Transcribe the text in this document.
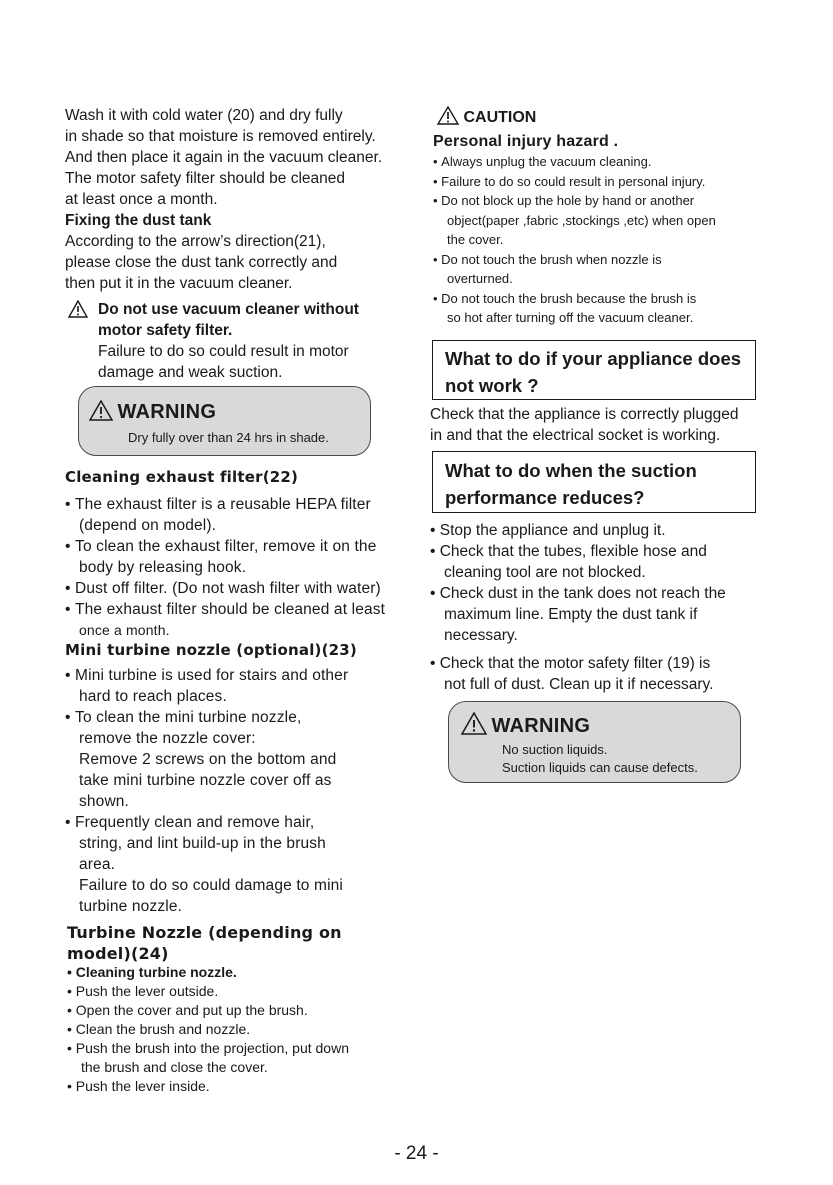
Wash it with cold water (20) and dry fully
in shade so that moisture is removed entirely.
And then place it again in the vacuum cleaner.
The motor safety filter should be cleaned
at least once a month.
Fixing the dust tank
According to the arrow’s direction(21),
please close the dust tank correctly and
then put it in the vacuum cleaner.
Do not use vacuum cleaner without
motor safety filter.
Failure to do so could result in motor
damage and weak suction.
WARNING
Dry fully over than 24 hrs in shade.
Cleaning exhaust filter(22)
• The exhaust filter is a reusable HEPA filter
(depend on model).
• To clean the exhaust filter, remove it on the
body by releasing hook.
• Dust off filter. (Do not wash filter with water)
• The exhaust filter should be cleaned at least
once a month.
Mini turbine nozzle (optional)(23)
• Mini turbine is used for stairs and other
hard to reach places.
• To clean the mini turbine nozzle,
remove the nozzle cover:
Remove 2 screws on the bottom and
take mini turbine nozzle cover off as
shown.
• Frequently clean and remove hair,
string, and lint build-up in the brush
area.
Failure to do so could damage to mini
turbine nozzle.
Turbine Nozzle (depending on
model)(24)
• Cleaning turbine nozzle.
• Push the lever outside.
• Open the cover and put up the brush.
• Clean the brush and nozzle.
• Push the brush into the projection, put down
the brush and close the cover.
• Push the lever inside.
CAUTION
Personal injury hazard .
• Always unplug the vacuum cleaning.
• Failure to do so could result in personal injury.
• Do not block up the hole by hand or another
object(paper ,fabric ,stockings ,etc) when open
the cover.
• Do not touch the brush when nozzle is
overturned.
• Do not touch the brush because the brush is
so hot after turning off the vacuum cleaner.
What to do if your appliance does
not work ?
Check that the appliance is correctly plugged
in and that the electrical socket is working.
What to do when the suction
performance reduces?
• Stop the appliance and unplug it.
• Check that the tubes, flexible hose and
cleaning tool are not blocked.
• Check dust in the tank does not reach the
maximum line. Empty the dust tank if
necessary.
• Check that the motor safety filter (19) is
not full of dust. Clean up it if necessary.
WARNING
No suction liquids.
Suction liquids can cause defects.
- 24 -
